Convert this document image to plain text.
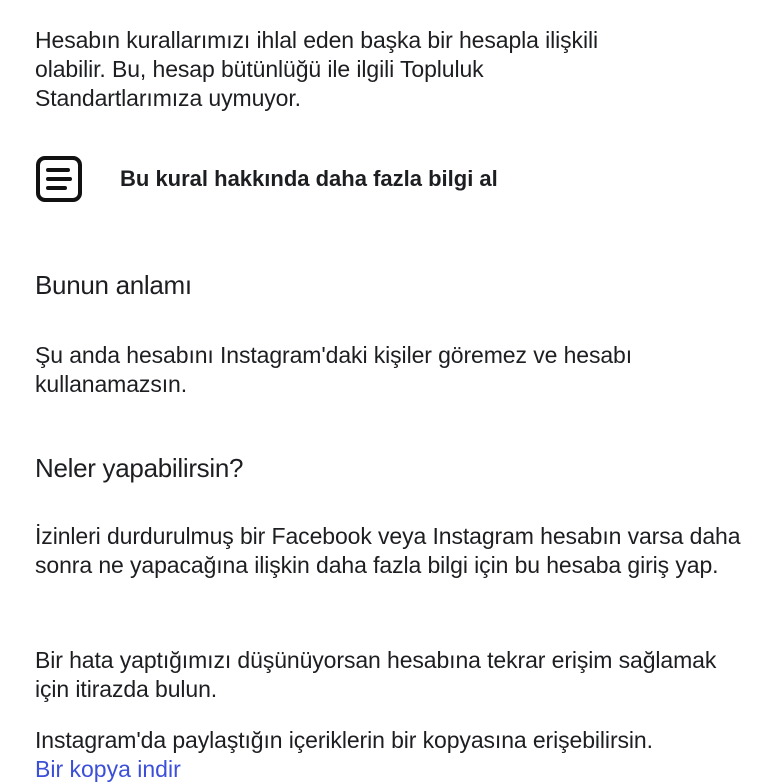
Hesabın kurallarımızı ihlal eden başka bir hesapla ilişkili olabilir. Bu, hesap bütünlüğü ile ilgili Topluluk Standartlarımıza uymuyor.

Bu kural hakkında daha fazla bilgi al
Bunun anlamı

Şu anda hesabını Instagram'daki kişiler göremez ve hesabı kullanamazsın.

Neler yapabilirsin?

İzinleri durdurulmuş bir Facebook veya Instagram hesabın varsa daha sonra ne yapacağına ilişkin daha fazla bilgi için bu hesaba giriş yap.

Bir hata yaptığımızı düşünüyorsan hesabına tekrar erişim sağlamak için itirazda bulun.

Instagram'da paylaştığın içeriklerin bir kopyasına erişebilirsin.

Bir kopya indir
